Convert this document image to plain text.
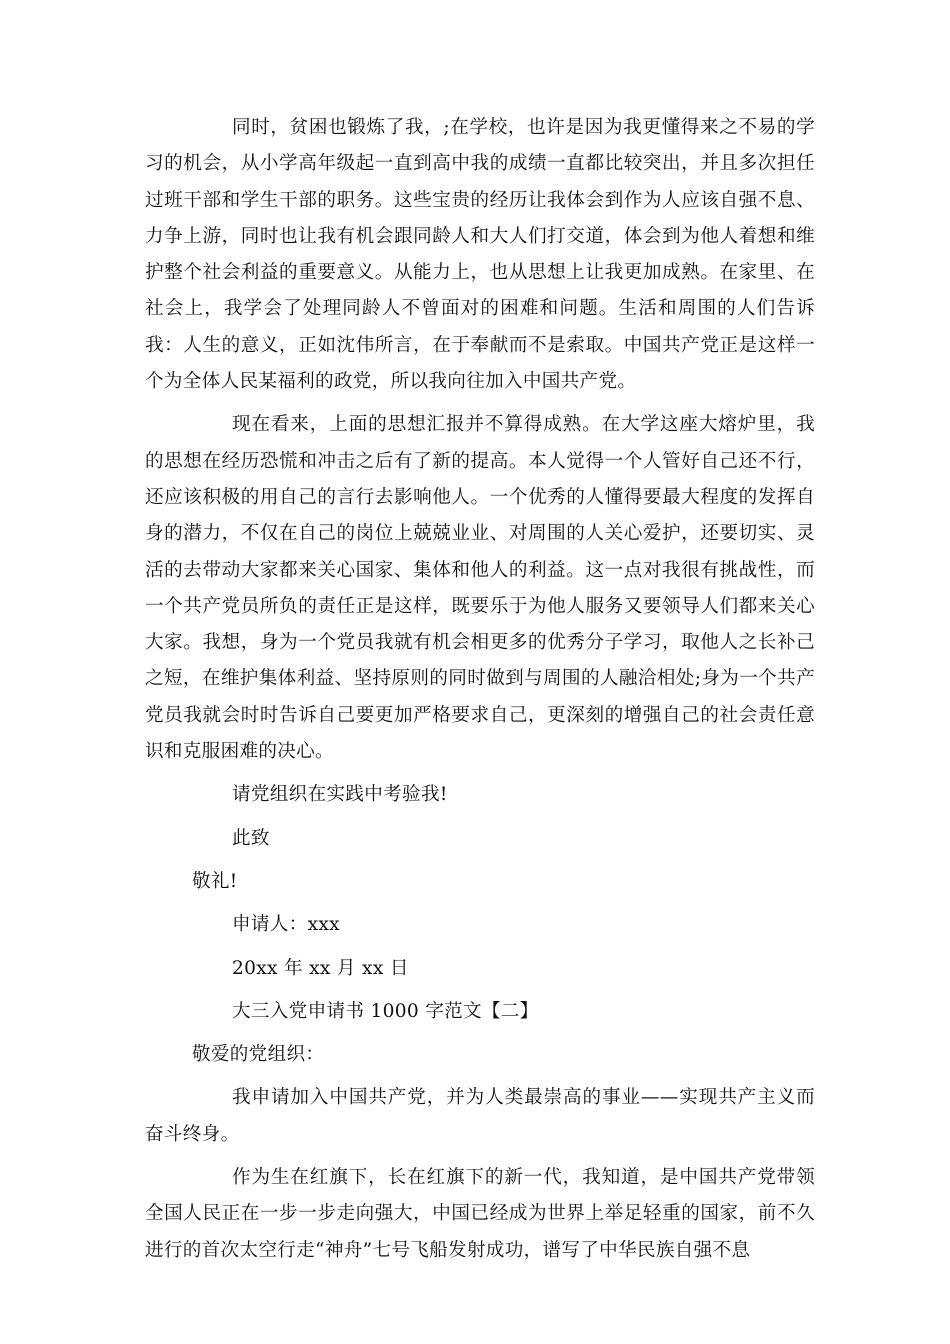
同时，贫困也锻炼了我，;在学校，也许是因为我更懂得来之不易的学习的机会，从小学高年级起一直到高中我的成绩一直都比较突出，并且多次担任过班干部和学生干部的职务。这些宝贵的经历让我体会到作为人应该自强不息、力争上游，同时也让我有机会跟同龄人和大人们打交道，体会到为他人着想和维护整个社会利益的重要意义。从能力上，也从思想上让我更加成熟。在家里、在社会上，我学会了处理同龄人不曾面对的困难和问题。生活和周围的人们告诉我：人生的意义，正如沈伟所言，在于奉献而不是索取。中国共产党正是这样一个为全体人民某福利的政党，所以我向往加入中国共产党。

现在看来，上面的思想汇报并不算得成熟。在大学这座大熔炉里，我的思想在经历恐慌和冲击之后有了新的提高。本人觉得一个人管好自己还不行，还应该积极的用自己的言行去影响他人。一个优秀的人懂得要最大程度的发挥自身的潜力，不仅在自己的岗位上兢兢业业、对周围的人关心爱护，还要切实、灵活的去带动大家都来关心国家、集体和他人的利益。这一点对我很有挑战性，而一个共产党员所负的责任正是这样，既要乐于为他人服务又要领导人们都来关心大家。我想，身为一个党员我就有机会相更多的优秀分子学习，取他人之长补己之短，在维护集体利益、坚持原则的同时做到与周围的人融洽相处;身为一个共产党员我就会时时告诉自己要更加严格要求自己，更深刻的增强自己的社会责任意识和克服困难的决心。

请党组织在实践中考验我!

此致

敬礼!

申请人：xxx

20xx 年 xx 月 xx 日

大三入党申请书 1000 字范文【二】

敬爱的党组织：

我申请加入中国共产党，并为人类最崇高的事业——实现共产主义而奋斗终身。

作为生在红旗下，长在红旗下的新一代，我知道，是中国共产党带领全国人民正在一步一步走向强大，中国已经成为世界上举足轻重的国家，前不久进行的首次太空行走“神舟”七号飞船发射成功，谱写了中华民族自强不息
